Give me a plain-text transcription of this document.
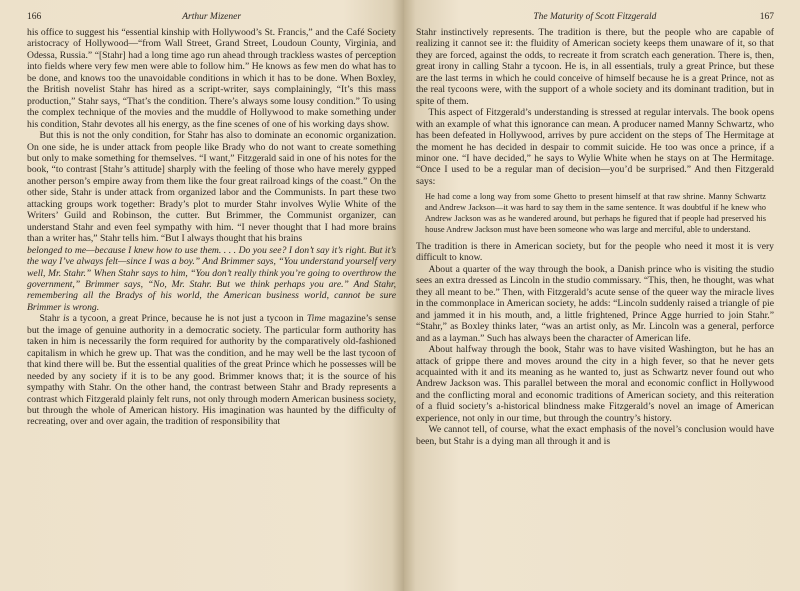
166	Arthur Mizener

his office to suggest his “essential kinship with Hollywood’s St. Francis,” and the Café Society aristocracy of Hollywood—“from Wall Street, Grand Street, Loudoun County, Virginia, and Odessa, Russia.” “[Stahr] had a long time ago run ahead through trackless wastes of perception into fields where very few men were able to follow him.” He knows as few men do what has to be done, and knows too the unavoidable conditions in which it has to be done. When Boxley, the British novelist Stahr has hired as a script-writer, says complainingly, “It’s this mass production,” Stahr says, “That’s the condition. There’s always some lousy condition.” To using the complex technique of the movies and the muddle of Hollywood to make something under his condition, Stahr devotes all his energy, as the fine scenes of one of his working days show.

But this is not the only condition, for Stahr has also to dominate an economic organization. On one side, he is under attack from people like Brady who do not want to create something but only to make something for themselves. “I want,” Fitzgerald said in one of his notes for the book, “to contrast [Stahr’s attitude] sharply with the feeling of those who have merely gypped another person’s empire away from them like the four great railroad kings of the coast.” On the other side, Stahr is under attack from organized labor and the Communists. In part these two attacking groups work together: Brady’s plot to murder Stahr involves Wylie White of the Writers’ Guild and Robinson, the cutter. But Brimmer, the Communist organizer, can understand Stahr and even feel sympathy with him. “I never thought that I had more brains than a writer has,” Stahr tells him. “But I always thought that his brains

belonged to me—because I knew how to use them. . . . Do you see? I don’t say it’s right. But it’s the way I’ve always felt—since I was a boy.” And Brimmer says, “You understand yourself very well, Mr. Stahr.” When Stahr says to him, “You don’t really think you’re going to overthrow the government,” Brimmer says, “No, Mr. Stahr. But we think perhaps you are.” And Stahr, remembering all the Bradys of his world, the American business world, cannot be sure Brimmer is wrong.

Stahr is a tycoon, a great Prince, because he is not just a tycoon in Time magazine’s sense but the image of genuine authority in a democratic society. The particular form authority has taken in him is necessarily the form required for authority by the comparatively old-fashioned capitalism in which he grew up. That was the condition, and he may well be the last tycoon of that kind there will be. But the essential qualities of the great Prince which he possesses will be needed by any society if it is to be any good. Brimmer knows that; it is the source of his sympathy with Stahr. On the other hand, the contrast between Stahr and Brady represents a contrast which Fitzgerald plainly felt runs, not only through modern American business society, but through the whole of American history. His imagination was haunted by the difficulty of recreating, over and over again, the tradition of responsibility that

The Maturity of Scott Fitzgerald	167

Stahr instinctively represents. The tradition is there, but the people who are capable of realizing it cannot see it: the fluidity of American society keeps them unaware of it, so that they are forced, against the odds, to recreate it from scratch each generation. There is, then, great irony in calling Stahr a tycoon. He is, in all essentials, truly a great Prince, but these are the last terms in which he could conceive of himself because he is a great Prince, not as the real tycoons were, with the support of a whole society and its dominant tradition, but in spite of them.

This aspect of Fitzgerald’s understanding is stressed at regular intervals. The book opens with an example of what this ignorance can mean. A producer named Manny Schwartz, who has been defeated in Hollywood, arrives by pure accident on the steps of The Hermitage at the moment he has decided in despair to commit suicide. He too was once a prince, if a minor one. “I have decided,” he says to Wylie White when he stays on at The Hermitage. “Once I used to be a regular man of decision—you’d be surprised.” And then Fitzgerald says:

He had come a long way from some Ghetto to present himself at that raw shrine. Manny Schwartz and Andrew Jackson—it was hard to say them in the same sentence. It was doubtful if he knew who Andrew Jackson was as he wandered around, but perhaps he figured that if people had preserved his house Andrew Jackson must have been someone who was large and merciful, able to understand.

The tradition is there in American society, but for the people who need it most it is very difficult to know.

About a quarter of the way through the book, a Danish prince who is visiting the studio sees an extra dressed as Lincoln in the studio commissary. “This, then, he thought, was what they all meant to be.” Then, with Fitzgerald’s acute sense of the queer way the miracle lives in the commonplace in American society, he adds: “Lincoln suddenly raised a triangle of pie and jammed it in his mouth, and, a little frightened, Prince Agge hurried to join Stahr.” “Stahr,” as Boxley thinks later, “was an artist only, as Mr. Lincoln was a general, perforce and as a layman.” Such has always been the character of American life.

About halfway through the book, Stahr was to have visited Washington, but he has an attack of grippe there and moves around the city in a high fever, so that he never gets acquainted with it and its meaning as he wanted to, just as Schwartz never found out who Andrew Jackson was. This parallel between the moral and economic conflict in Hollywood and the conflicting moral and economic traditions of American society, and this reiteration of a fluid society’s a-historical blindness make Fitzgerald’s novel an image of American experience, not only in our time, but through the country’s history.

We cannot tell, of course, what the exact emphasis of the novel’s conclusion would have been, but Stahr is a dying man all through it and is
